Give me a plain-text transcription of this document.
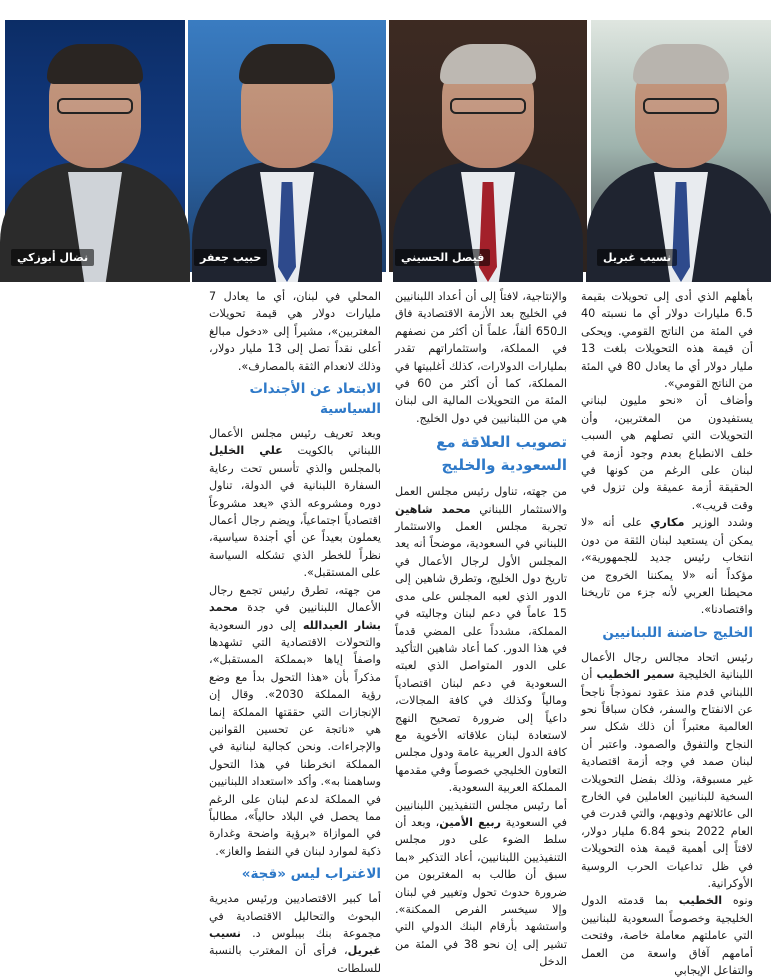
نسيب غبريل
فيصل الحسيني
حبيب جعفر
نضال أبوزكي

بأهلهم الذي أدى إلى تحويلات بقيمة 6.5 مليارات دولار أي ما نسبته 40 في المئة من الناتج القومي. ويحكى أن قيمة هذه التحويلات بلغت 13 مليار دولار أي ما يعادل 80 في المئة من الناتج القومي».

وأضاف أن «نحو مليون لبناني يستفيدون من المغتربين، وأن التحويلات التي تصلهم هي السبب خلف الانطباع بعدم وجود أزمة في لبنان على الرغم من كونها في الحقيقة أزمة عميقة ولن تزول في وقت قريب».

وشدد الوزير مكاري على أنه «لا يمكن أن يستعيد لبنان الثقة من دون انتخاب رئيس جديد للجمهورية»، مؤكداً أنه «لا يمكننا الخروج من محيطنا العربي لأنه جزء من تاريخنا واقتصادنا».

الخليج حاضنة اللبنانيين

رئيس اتحاد مجالس رجال الأعمال اللبنانية الخليجية سمير الخطيب أن اللبناني قدم منذ عقود نموذجاً ناجحاً عن الانفتاح والسفر، فكان سباقاً نحو العالمية معتبراً أن ذلك شكل سر النجاح والتفوق والصمود. واعتبر أن لبنان صمد في وجه أزمة اقتصادية غير مسبوقة، وذلك بفضل التحويلات السخية للبنانيين العاملين في الخارج الى عائلاتهم وذويهم، والتي قدرت في العام 2022 بنحو 6.84 مليار دولار، لافتاً إلى أهمية قيمة هذه التحويلات في ظل تداعيات الحرب الروسية الأوكرانية.

ونوه الخطيب بما قدمته الدول الخليجية وخصوصاً السعودية للبنانيين التي عاملتهم معاملة خاصة، وفتحت أمامهم آفاق واسعة من العمل والتفاعل الإيجابي

والإنتاجية، لافتاً إلى أن أعداد اللبنانيين في الخليج بعد الأزمة الاقتصادية فاق الـ650 ألفاً، علماً أن أكثر من نصفهم في المملكة، واستثماراتهم تقدر بمليارات الدولارات، كذلك أغلبيتها في المملكة، كما أن أكثر من 60 في المئة من التحويلات المالية الى لبنان هي من اللبنانيين في دول الخليج.

تصويب العلاقة مع السعودية والخليج

من جهته، تناول رئيس مجلس العمل والاستثمار اللبناني محمد شاهين تجربة مجلس العمل والاستثمار اللبناني في السعودية، موضحاً أنه يعد المجلس الأول لرجال الأعمال في تاريخ دول الخليج، وتطرق شاهين إلى الدور الذي لعبه المجلس على مدى 15 عاماً في دعم لبنان وجاليته في المملكة، مشدداً على المضي قدماً في هذا الدور. كما أعاد شاهين التأكيد على الدور المتواصل الذي لعبته السعودية في دعم لبنان اقتصادياً ومالياً وكذلك في كافة المجالات، داعياً إلى ضرورة تصحيح النهج لاستعادة لبنان علاقاته الأخوية مع كافة الدول العربية عامة ودول مجلس التعاون الخليجي خصوصاً وفي مقدمها المملكة العربية السعودية.

أما رئيس مجلس التنفيذيين اللبنانيين في السعودية ربيع الأمين، وبعد أن سلط الضوء على دور مجلس التنفيذيين اللبنانيين، أعاد التذكير «بما سبق أن طالب به المغتربون من ضرورة حدوث تحول وتغيير في لبنان وإلا سيخسر الفرص الممكنة». واستشهد بأرقام البنك الدولي التي تشير إلى إن نحو 38 في المئة من الدخل

المحلي في لبنان، أي ما يعادل 7 مليارات دولار هي قيمة تحويلات المغتربين»، مشيراً إلى «دخول مبالغ أعلى نقداً تصل إلى 13 مليار دولار، وذلك لانعدام الثقة بالمصارف».

الابتعاد عن الأجندات السياسية

وبعد تعريف رئيس مجلس الأعمال اللبناني بالكويت علي الخليل بالمجلس والذي تأسس تحت رعاية السفارة اللبنانية في الدولة، تناول دوره ومشروعه الذي «يعد مشروعاً اقتصادياً اجتماعياً، ويضم رجال أعمال يعملون بعيداً عن أي أجندة سياسية، نظراً للخطر الذي تشكله السياسة على المستقبل».

من جهته، تطرق رئيس تجمع رجال الأعمال اللبنانيين في جدة محمد بشار العبدالله إلى دور السعودية والتحولات الاقتصادية التي تشهدها واصفاً إياها «بمملكة المستقبل»، مذكراً بأن «هذا التحول بدأ مع وضع رؤية المملكة 2030». وقال إن الإنجازات التي حققتها المملكة إنما هي «ناتجة عن تحسين القوانين والإجراءات. ونحن كجالية لبنانية في المملكة انخرطنا في هذا التحول وساهمنا به». وأكد «استعداد اللبنانيين في المملكة لدعم لبنان على الرغم مما يحصل في البلاد حالياً»، مطالباً في الموازاة «برؤية واضحة وغدارة ذكية لموارد لبنان في النفط والغاز».

الاغتراب ليس «قجة»

أما كبير الاقتصاديين ورئيس مديرية البحوث والتحاليل الاقتصادية في مجموعة بنك بيبلوس د. نسيب غبريل، فرأى أن المغترب بالنسبة للسلطات
